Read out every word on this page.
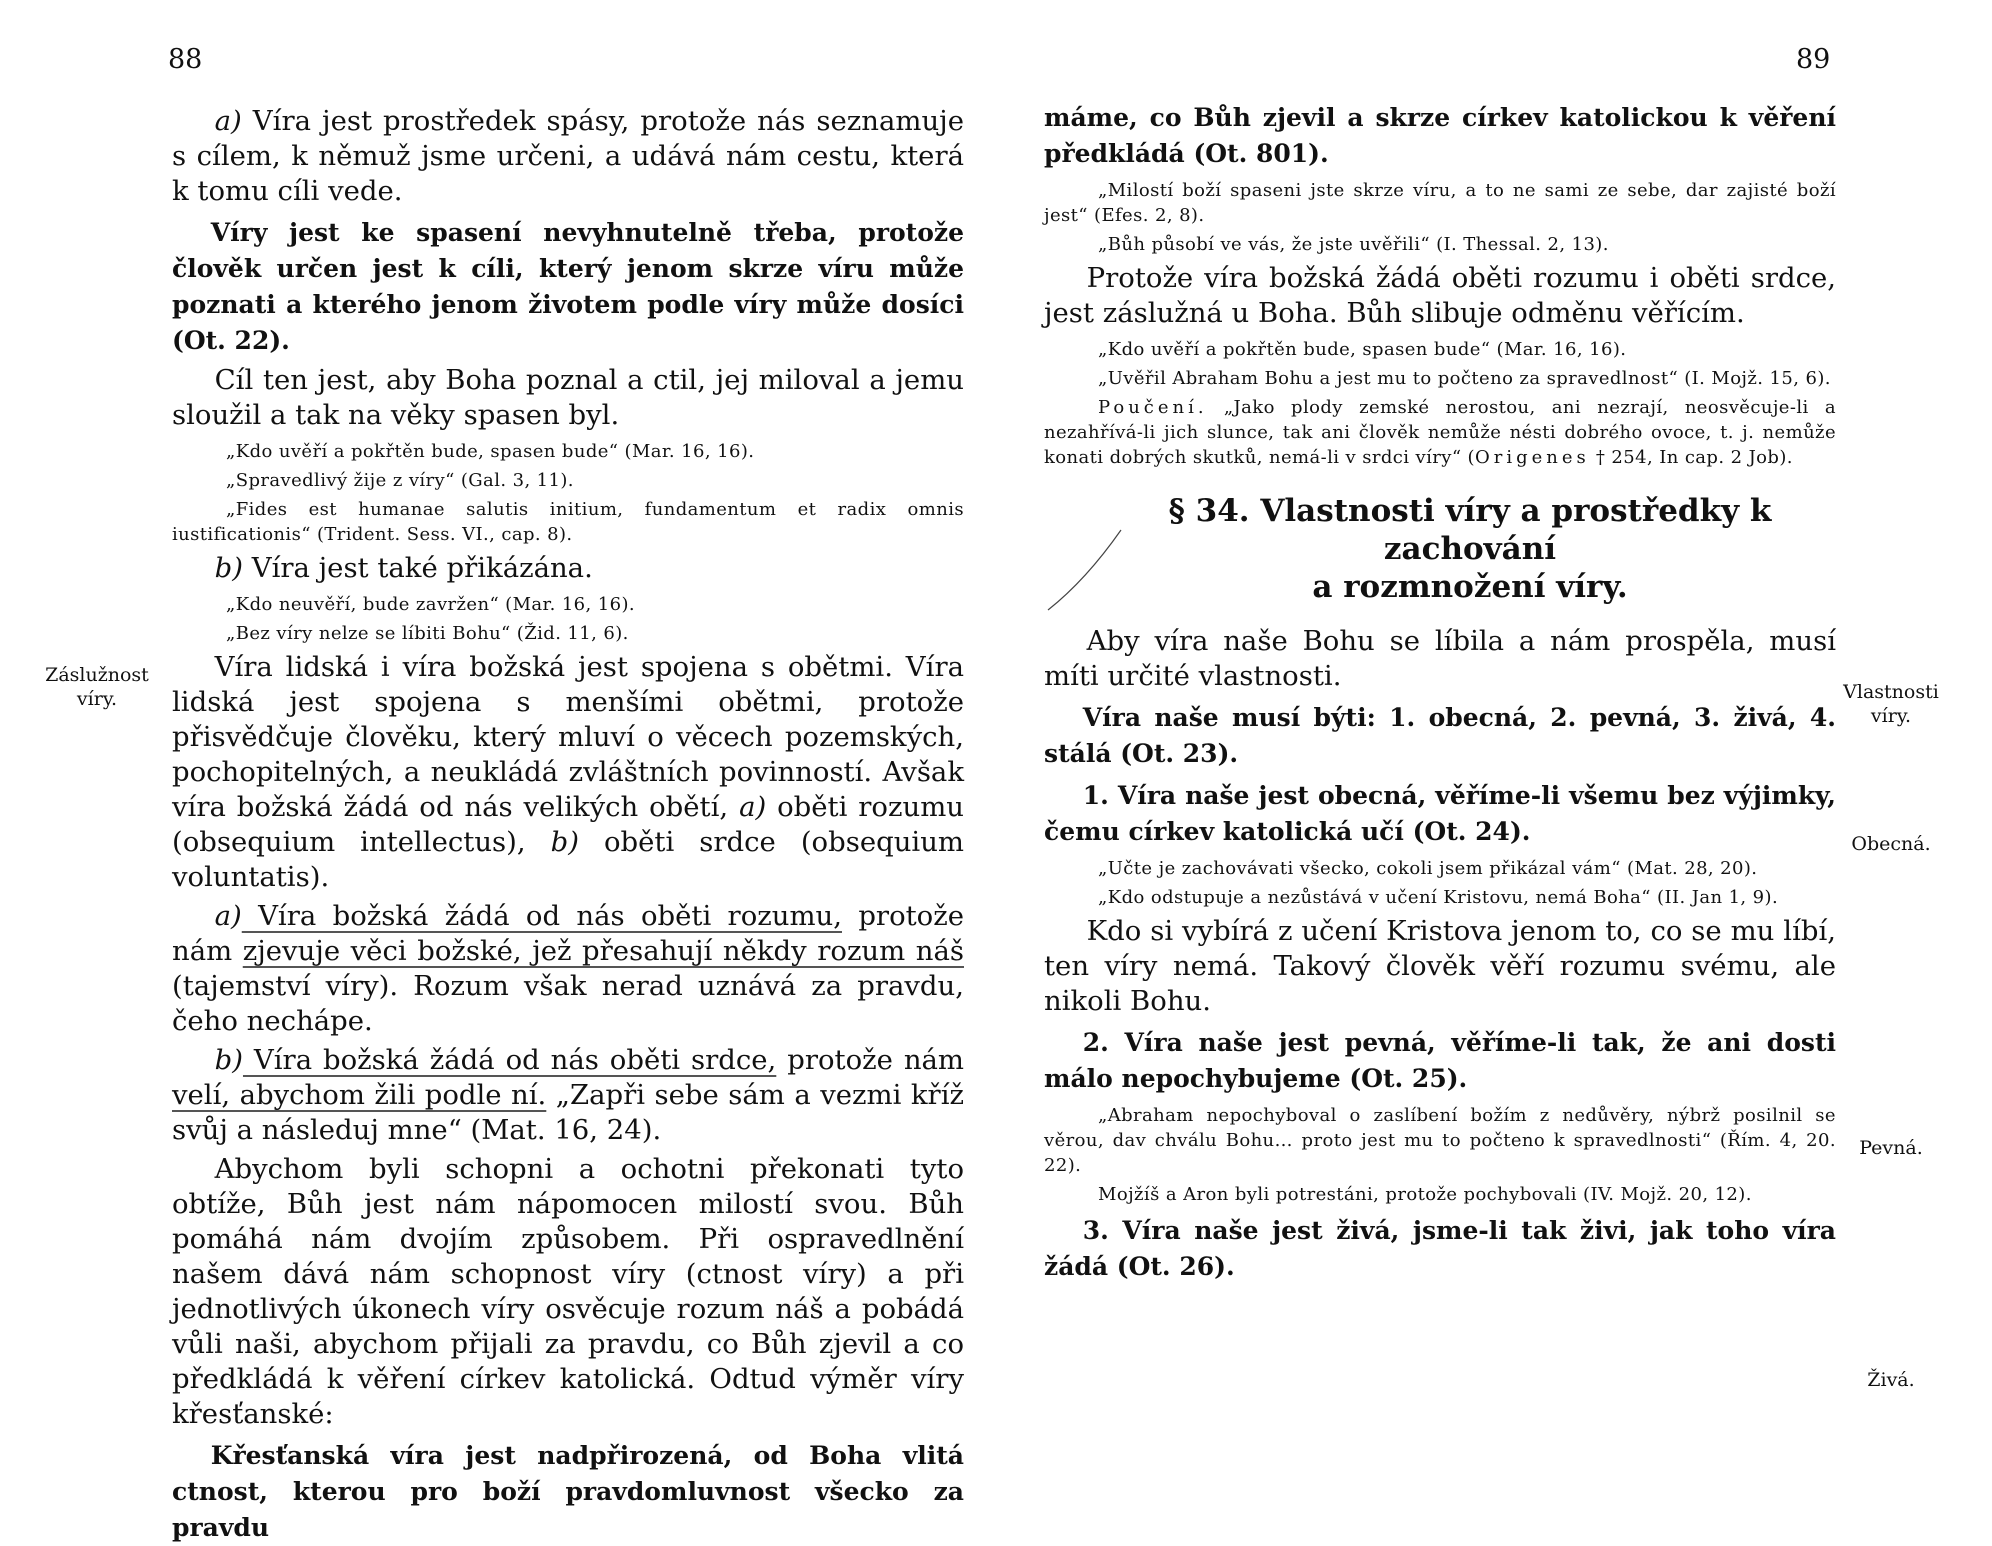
88
Záslužnost
víry.

a) Víra jest prostředek spásy, protože nás seznamuje s cílem, k němuž jsme určeni, a udává nám cestu, která k tomu cíli vede.

Víry jest ke spasení nevyhnutelně třeba, protože člověk určen jest k cíli, který jenom skrze víru může poznati a kterého jenom životem podle víry může dosíci (Ot. 22).

Cíl ten jest, aby Boha poznal a ctil, jej miloval a jemu sloužil a tak na věky spasen byl.

„Kdo uvěří a pokřtěn bude, spasen bude“ (Mar. 16, 16).

„Spravedlivý žije z víry“ (Gal. 3, 11).

„Fides est humanae salutis initium, fundamentum et radix omnis iustificationis“ (Trident. Sess. VI., cap. 8).

b) Víra jest také přikázána.

„Kdo neuvěří, bude zavržen“ (Mar. 16, 16).

„Bez víry nelze se líbiti Bohu“ (Žid. 11, 6).

Víra lidská i víra božská jest spojena s obětmi. Víra lidská jest spojena s menšími obětmi, protože přisvědčuje člověku, který mluví o věcech pozemských, pochopitelných, a neukládá zvláštních povinností. Avšak víra božská žádá od nás velikých obětí, a) oběti rozumu (obsequium intellectus), b) oběti srdce (obsequium voluntatis).

a) Víra božská žádá od nás oběti rozumu, protože nám zjevuje věci božské, jež přesahují někdy rozum náš (tajemství víry). Rozum však nerad uznává za pravdu, čeho nechápe.

b) Víra božská žádá od nás oběti srdce, protože nám velí, abychom žili podle ní. „Zapři sebe sám a vezmi kříž svůj a následuj mne“ (Mat. 16, 24).

Abychom byli schopni a ochotni překonati tyto obtíže, Bůh jest nám nápomocen milostí svou. Bůh pomáhá nám dvojím způsobem. Při ospravedlnění našem dává nám schopnost víry (ctnost víry) a při jednotlivých úkonech víry osvěcuje rozum náš a pobádá vůli naši, abychom přijali za pravdu, co Bůh zjevil a co předkládá k věření církev katolická. Odtud výměr víry křesťanské:

Křesťanská víra jest nadpřirozená, od Boha vlitá ctnost, kterou pro boží pravdomluvnost všecko za pravdu

89
Vlastnosti
víry.
Obecná.
Pevná.
Živá.

máme, co Bůh zjevil a skrze církev katolickou k věření předkládá (Ot. 801).

„Milostí boží spaseni jste skrze víru, a to ne sami ze sebe, dar zajisté boží jest“ (Efes. 2, 8).

„Bůh působí ve vás, že jste uvěřili“ (I. Thessal. 2, 13).

Protože víra božská žádá oběti rozumu i oběti srdce, jest záslužná u Boha. Bůh slibuje odměnu věřícím.

„Kdo uvěří a pokřtěn bude, spasen bude“ (Mar. 16, 16).

„Uvěřil Abraham Bohu a jest mu to počteno za spravedlnost“ (I. Mojž. 15, 6).

Poučení. „Jako plody zemské nerostou, ani nezrají, neosvěcuje-li a nezahřívá-li jich slunce, tak ani člověk nemůže nésti dobrého ovoce, t. j. nemůže konati dobrých skutků, nemá-li v srdci víry“ (Origenes † 254, In cap. 2 Job).

§ 34. Vlastnosti víry a prostředky k zachování
a rozmnožení víry.

Aby víra naše Bohu se líbila a nám prospěla, musí míti určité vlastnosti.

Víra naše musí býti: 1. obecná, 2. pevná, 3. živá, 4. stálá (Ot. 23).

1. Víra naše jest obecná, věříme-li všemu bez výjimky, čemu církev katolická učí (Ot. 24).

„Učte je zachovávati všecko, cokoli jsem přikázal vám“ (Mat. 28, 20).

„Kdo odstupuje a nezůstává v učení Kristovu, nemá Boha“ (II. Jan 1, 9).

Kdo si vybírá z učení Kristova jenom to, co se mu líbí, ten víry nemá. Takový člověk věří rozumu svému, ale nikoli Bohu.

2. Víra naše jest pevná, věříme-li tak, že ani dosti málo nepochybujeme (Ot. 25).

„Abraham nepochyboval o zaslíbení božím z nedůvěry, nýbrž posilnil se věrou, dav chválu Bohu… proto jest mu to počteno k spravedlnosti“ (Řím. 4, 20. 22).

Mojžíš a Aron byli potrestáni, protože pochybovali (IV. Mojž. 20, 12).

3. Víra naše jest živá, jsme-li tak živi, jak toho víra žádá (Ot. 26).
